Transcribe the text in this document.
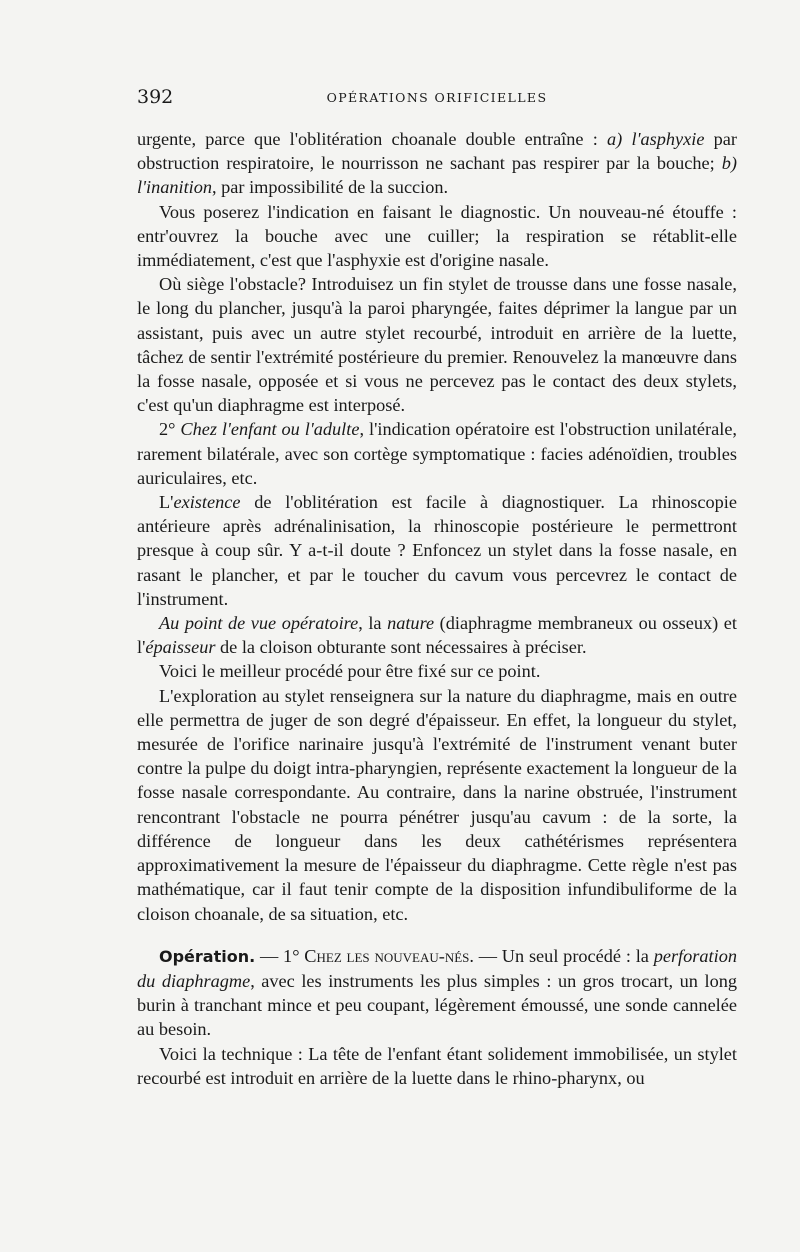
392	OPÉRATIONS ORIFICIELLES

urgente, parce que l'oblitération choanale double entraîne : a) l'asphyxie par obstruction respiratoire, le nourrisson ne sachant pas respirer par la bouche; b) l'inanition, par impossibilité de la succion.

Vous poserez l'indication en faisant le diagnostic. Un nouveau-né étouffe : entr'ouvrez la bouche avec une cuiller; la respiration se rétablit-elle immédiatement, c'est que l'asphyxie est d'origine nasale.

Où siège l'obstacle? Introduisez un fin stylet de trousse dans une fosse nasale, le long du plancher, jusqu'à la paroi pharyngée, faites déprimer la langue par un assistant, puis avec un autre stylet recourbé, introduit en arrière de la luette, tâchez de sentir l'extrémité postérieure du premier. Renouvelez la manœuvre dans la fosse nasale, opposée et si vous ne percevez pas le contact des deux stylets, c'est qu'un diaphragme est interposé.

2° Chez l'enfant ou l'adulte, l'indication opératoire est l'obstruction unilatérale, rarement bilatérale, avec son cortège symptomatique : facies adénoïdien, troubles auriculaires, etc.

L'existence de l'oblitération est facile à diagnostiquer. La rhinoscopie antérieure après adrénalinisation, la rhinoscopie postérieure le permettront presque à coup sûr. Y a-t-il doute ? Enfoncez un stylet dans la fosse nasale, en rasant le plancher, et par le toucher du cavum vous percevrez le contact de l'instrument.

Au point de vue opératoire, la nature (diaphragme membraneux ou osseux) et l'épaisseur de la cloison obturante sont nécessaires à préciser.

Voici le meilleur procédé pour être fixé sur ce point.

L'exploration au stylet renseignera sur la nature du diaphragme, mais en outre elle permettra de juger de son degré d'épaisseur. En effet, la longueur du stylet, mesurée de l'orifice narinaire jusqu'à l'extrémité de l'instrument venant buter contre la pulpe du doigt intra-pharyngien, représente exactement la longueur de la fosse nasale correspondante. Au contraire, dans la narine obstruée, l'instrument rencontrant l'obstacle ne pourra pénétrer jusqu'au cavum : de la sorte, la différence de longueur dans les deux cathétérismes représentera approximativement la mesure de l'épaisseur du diaphragme. Cette règle n'est pas mathématique, car il faut tenir compte de la disposition infundibuliforme de la cloison choanale, de sa situation, etc.

Opération. — 1° Chez les nouveau-nés. — Un seul procédé : la perforation du diaphragme, avec les instruments les plus simples : un gros trocart, un long burin à tranchant mince et peu coupant, légèrement émoussé, une sonde cannelée au besoin.

Voici la technique : La tête de l'enfant étant solidement immobilisée, un stylet recourbé est introduit en arrière de la luette dans le rhino-pharynx, ou
